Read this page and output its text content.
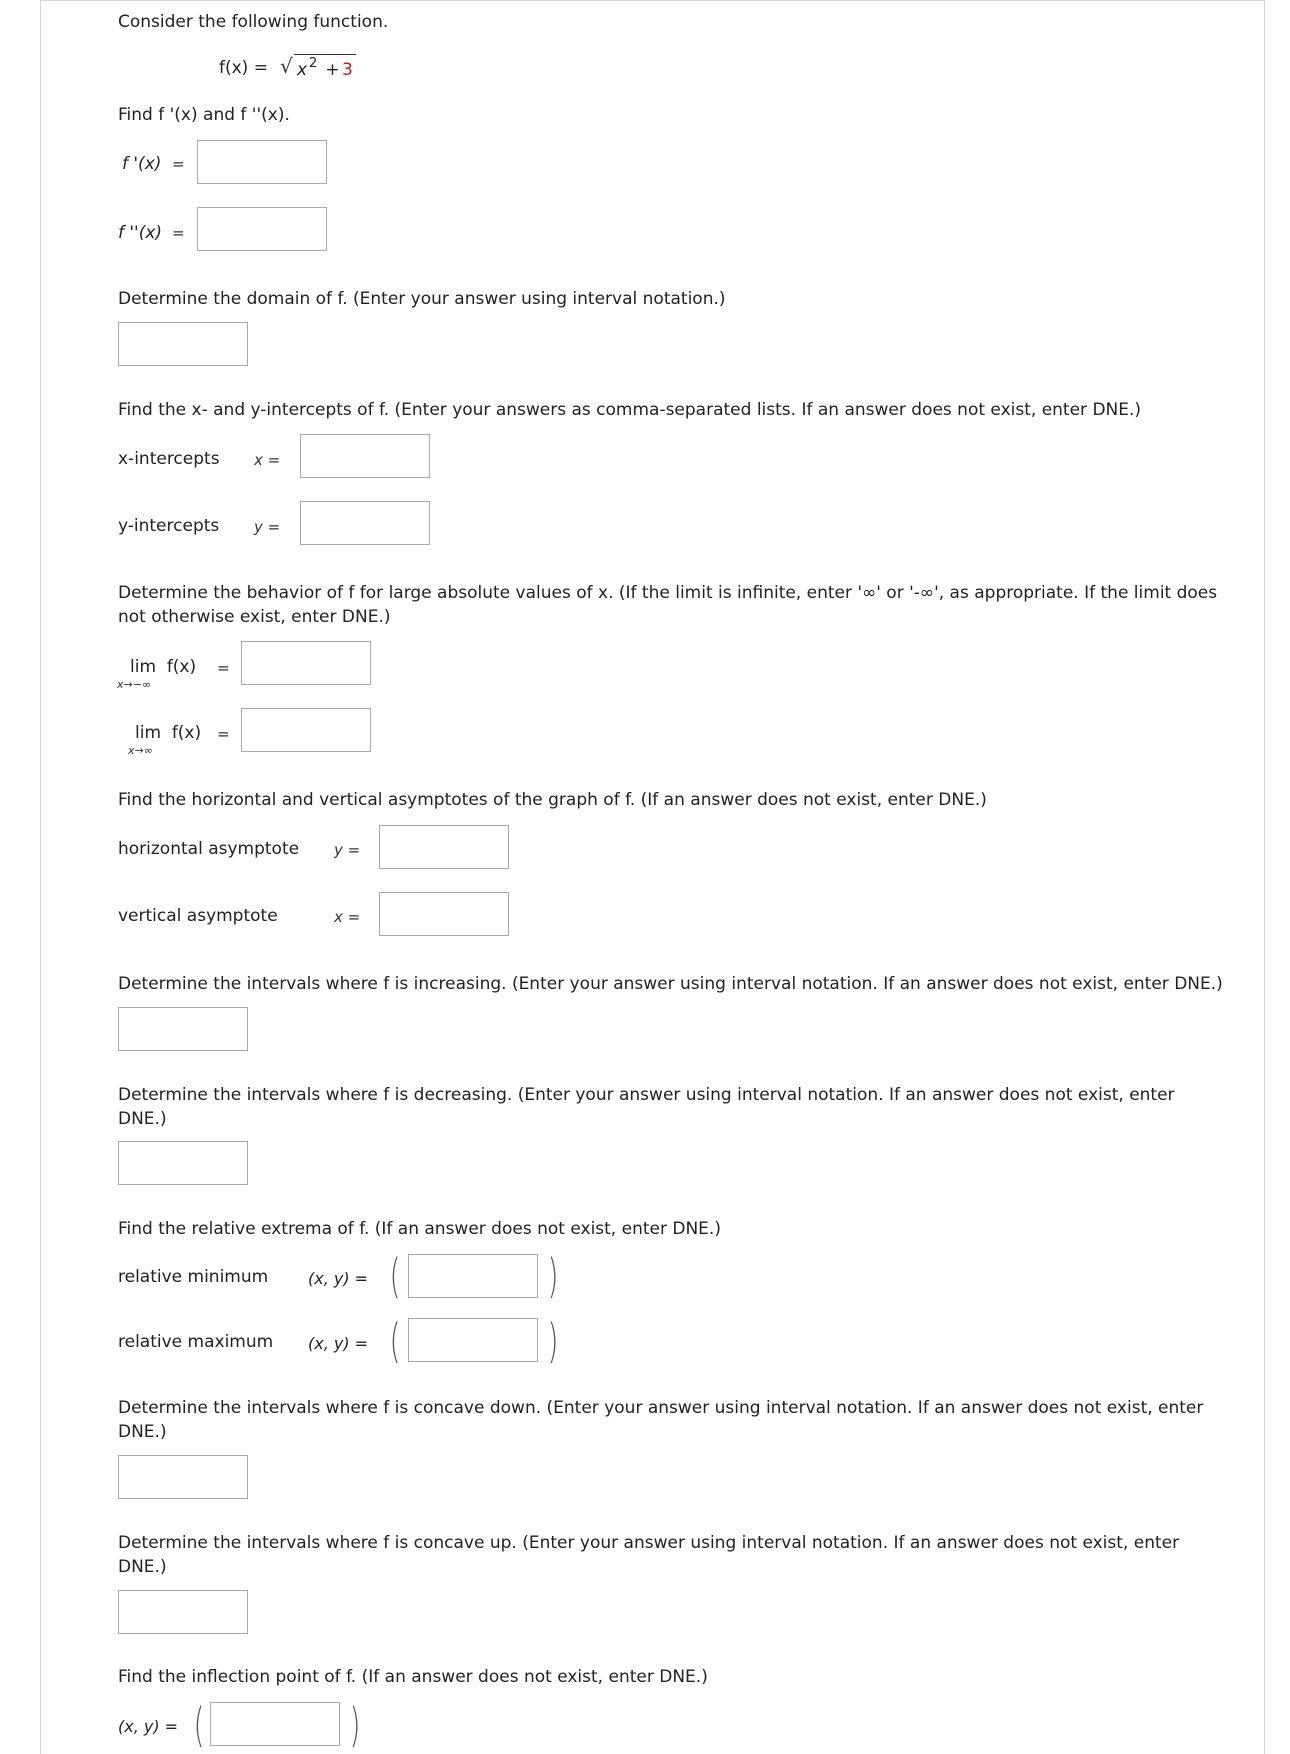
Consider the following function.
f(x) = √ x 2 +
3
Find f '(x) and f ''(x).
f '(x) =
f ''(x) =
Determine the domain of f. (Enter your answer using interval notation.)
Find the x- and y-intercepts of f. (Enter your answers as comma-separated lists. If an answer does not exist, enter DNE.)
x-intercepts x =
y-intercepts y =
Determine the behavior of f for large absolute values of x. (If the limit is infinite, enter '∞' or '-∞', as appropriate. If the limit does not otherwise exist, enter DNE.)
lim  f(x)
x→−∞
=
lim  f(x)
x→∞
=
Find the horizontal and vertical asymptotes of the graph of f. (If an answer does not exist, enter DNE.)
horizontal asymptote y =
vertical asymptote	x =
Determine the intervals where f is increasing. (Enter your answer using interval notation. If an answer does not exist, enter DNE.)
Determine the intervals where f is decreasing. (Enter your answer using interval notation. If an answer does not exist, enter DNE.)
Find the relative extrema of f. (If an answer does not exist, enter DNE.)
relative minimum (x, y) = (	)
relative maximum (x, y) = (	)
Determine the intervals where f is concave down. (Enter your answer using interval notation. If an answer does not exist, enter DNE.)
Determine the intervals where f is concave up. (Enter your answer using interval notation. If an answer does not exist, enter DNE.)
Find the inflection point of f. (If an answer does not exist, enter DNE.)
(x, y) = (	)
